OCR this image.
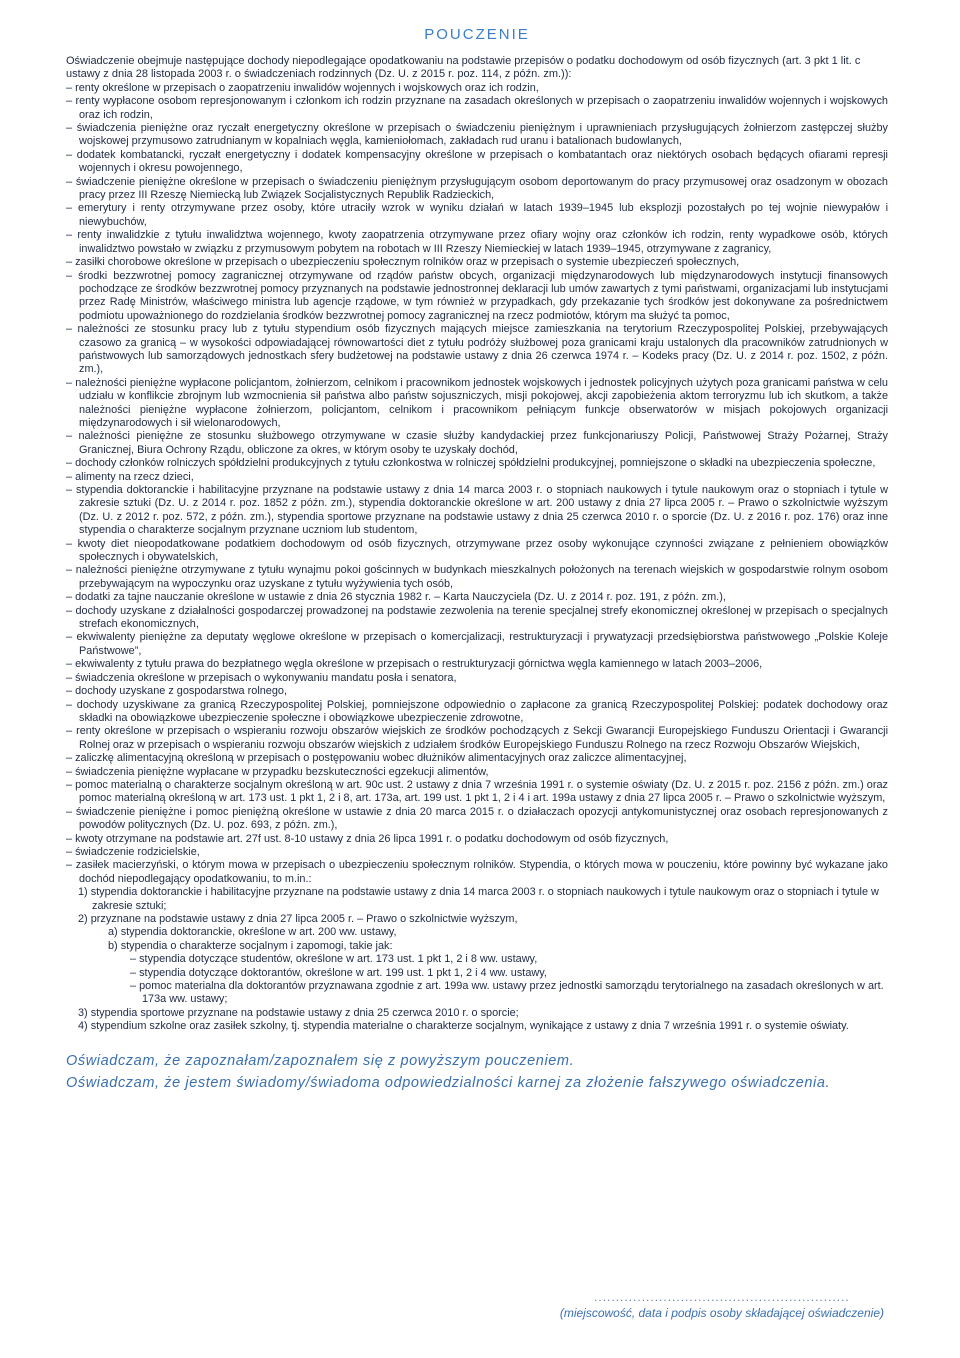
POUCZENIE

Oświadczenie obejmuje następujące dochody niepodlegające opodatkowaniu na podstawie przepisów o podatku dochodowym od osób fizycznych (art. 3 pkt 1 lit. c ustawy z dnia 28 listopada 2003 r. o świadczeniach rodzinnych (Dz. U. z 2015 r. poz. 114, z późn. zm.)):

– renty określone w przepisach o zaopatrzeniu inwalidów wojennych i wojskowych oraz ich rodzin,
– renty wypłacone osobom represjonowanym i członkom ich rodzin przyznane na zasadach określonych w przepisach o zaopatrzeniu inwalidów wojennych i wojskowych oraz ich rodzin,
– świadczenia pieniężne oraz ryczałt energetyczny określone w przepisach o świadczeniu pieniężnym i uprawnieniach przysługujących żołnierzom zastępczej służby wojskowej przymusowo zatrudnianym w kopalniach węgla, kamieniołomach, zakładach rud uranu i batalionach budowlanych,
– dodatek kombatancki, ryczałt energetyczny i dodatek kompensacyjny określone w przepisach o kombatantach oraz niektórych osobach będących ofiarami represji wojennych i okresu powojennego,
– świadczenie pieniężne określone w przepisach o świadczeniu pieniężnym przysługującym osobom deportowanym do pracy przymusowej oraz osadzonym w obozach pracy przez III Rzeszę Niemiecką lub Związek Socjalistycznych Republik Radzieckich,
– emerytury i renty otrzymywane przez osoby, które utraciły wzrok w wyniku działań w latach 1939–1945 lub eksplozji pozostałych po tej wojnie niewypałów i niewybuchów,
– renty inwalidzkie z tytułu inwalidztwa wojennego, kwoty zaopatrzenia otrzymywane przez ofiary wojny oraz członków ich rodzin, renty wypadkowe osób, których inwalidztwo powstało w związku z przymusowym pobytem na robotach w III Rzeszy Niemieckiej w latach 1939–1945, otrzymywane z zagranicy,
– zasiłki chorobowe określone w przepisach o ubezpieczeniu społecznym rolników oraz w przepisach o systemie ubezpieczeń społecznych,
– środki bezzwrotnej pomocy zagranicznej otrzymywane od rządów państw obcych, organizacji międzynarodowych lub międzynarodowych instytucji finansowych pochodzące ze środków bezzwrotnej pomocy przyznanych na podstawie jednostronnej deklaracji lub umów zawartych z tymi państwami, organizacjami lub instytucjami przez Radę Ministrów, właściwego ministra lub agencje rządowe, w tym również w przypadkach, gdy przekazanie tych środków jest dokonywane za pośrednictwem podmiotu upoważnionego do rozdzielania środków bezzwrotnej pomocy zagranicznej na rzecz podmiotów, którym ma służyć ta pomoc,
– należności ze stosunku pracy lub z tytułu stypendium osób fizycznych mających miejsce zamieszkania na terytorium Rzeczypospolitej Polskiej, przebywających czasowo za granicą – w wysokości odpowiadającej równowartości diet z tytułu podróży służbowej poza granicami kraju ustalonych dla pracowników zatrudnionych w państwowych lub samorządowych jednostkach sfery budżetowej na podstawie ustawy z dnia 26 czerwca 1974 r. – Kodeks pracy (Dz. U. z 2014 r. poz. 1502, z późn. zm.),
– należności pieniężne wypłacone policjantom, żołnierzom, celnikom i pracownikom jednostek wojskowych i jednostek policyjnych użytych poza granicami państwa w celu udziału w konflikcie zbrojnym lub wzmocnienia sił państwa albo państw sojuszniczych, misji pokojowej, akcji zapobieżenia aktom terroryzmu lub ich skutkom, a także należności pieniężne wypłacone żołnierzom, policjantom, celnikom i pracownikom pełniącym funkcje obserwatorów w misjach pokojowych organizacji międzynarodowych i sił wielonarodowych,
– należności pieniężne ze stosunku służbowego otrzymywane w czasie służby kandydackiej przez funkcjonariuszy Policji, Państwowej Straży Pożarnej, Straży Granicznej, Biura Ochrony Rządu, obliczone za okres, w którym osoby te uzyskały dochód,
– dochody członków rolniczych spółdzielni produkcyjnych z tytułu członkostwa w rolniczej spółdzielni produkcyjnej, pomniejszone o składki na ubezpieczenia społeczne,
– alimenty na rzecz dzieci,
– stypendia doktoranckie i habilitacyjne przyznane na podstawie ustawy z dnia 14 marca 2003 r. o stopniach naukowych i tytule naukowym oraz o stopniach i tytule w zakresie sztuki (Dz. U. z 2014 r. poz. 1852 z późn. zm.), stypendia doktoranckie określone w art. 200 ustawy z dnia 27 lipca 2005 r. – Prawo o szkolnictwie wyższym (Dz. U. z 2012 r. poz. 572, z późn. zm.), stypendia sportowe przyznane na podstawie ustawy z dnia 25 czerwca 2010 r. o sporcie (Dz. U. z 2016 r. poz. 176) oraz inne stypendia o charakterze socjalnym przyznane uczniom lub studentom,
– kwoty diet nieopodatkowane podatkiem dochodowym od osób fizycznych, otrzymywane przez osoby wykonujące czynności związane z pełnieniem obowiązków społecznych i obywatelskich,
– należności pieniężne otrzymywane z tytułu wynajmu pokoi gościnnych w budynkach mieszkalnych położonych na terenach wiejskich w gospodarstwie rolnym osobom przebywającym na wypoczynku oraz uzyskane z tytułu wyżywienia tych osób,
– dodatki za tajne nauczanie określone w ustawie z dnia 26 stycznia 1982 r. – Karta Nauczyciela (Dz. U. z 2014 r. poz. 191, z późn. zm.),
– dochody uzyskane z działalności gospodarczej prowadzonej na podstawie zezwolenia na terenie specjalnej strefy ekonomicznej określonej w przepisach o specjalnych strefach ekonomicznych,
– ekwiwalenty pieniężne za deputaty węglowe określone w przepisach o komercjalizacji, restrukturyzacji i prywatyzacji przedsiębiorstwa państwowego „Polskie Koleje Państwowe”,
– ekwiwalenty z tytułu prawa do bezpłatnego węgla określone w przepisach o restrukturyzacji górnictwa węgla kamiennego w latach 2003–2006,
– świadczenia określone w przepisach o wykonywaniu mandatu posła i senatora,
– dochody uzyskane z gospodarstwa rolnego,
– dochody uzyskiwane za granicą Rzeczypospolitej Polskiej, pomniejszone odpowiednio o zapłacone za granicą Rzeczypospolitej Polskiej: podatek dochodowy oraz składki na obowiązkowe ubezpieczenie społeczne i obowiązkowe ubezpieczenie zdrowotne,
– renty określone w przepisach o wspieraniu rozwoju obszarów wiejskich ze środków pochodzących z Sekcji Gwarancji Europejskiego Funduszu Orientacji i Gwarancji Rolnej oraz w przepisach o wspieraniu rozwoju obszarów wiejskich z udziałem środków Europejskiego Funduszu Rolnego na rzecz Rozwoju Obszarów Wiejskich,
– zaliczkę alimentacyjną określoną w przepisach o postępowaniu wobec dłużników alimentacyjnych oraz zaliczce alimentacyjnej,
– świadczenia pieniężne wypłacane w przypadku bezskuteczności egzekucji alimentów,
– pomoc materialną o charakterze socjalnym określoną w art. 90c ust. 2 ustawy z dnia 7 września 1991 r. o systemie oświaty (Dz. U. z 2015 r. poz. 2156 z późn. zm.) oraz pomoc materialną określoną w art. 173 ust. 1 pkt 1, 2 i 8, art. 173a, art. 199 ust. 1 pkt 1, 2 i 4 i art. 199a ustawy z dnia 27 lipca 2005 r. – Prawo o szkolnictwie wyższym,
– świadczenie pieniężne i pomoc pieniężną określone w ustawie z dnia 20 marca 2015 r. o działaczach opozycji antykomunistycznej oraz osobach represjonowanych z powodów politycznych (Dz. U. poz. 693, z późn. zm.),
– kwoty otrzymane na podstawie art. 27f ust. 8-10 ustawy z dnia 26 lipca 1991 r. o podatku dochodowym od osób fizycznych,
– świadczenie rodzicielskie,
– zasiłek macierzyński, o którym mowa w przepisach o ubezpieczeniu społecznym rolników. Stypendia, o których mowa w pouczeniu, które powinny być wykazane jako dochód niepodlegający opodatkowaniu, to m.in.:
1) stypendia doktoranckie i habilitacyjne przyznane na podstawie ustawy z dnia 14 marca 2003 r. o stopniach naukowych i tytule naukowym oraz o stopniach i tytule w zakresie sztuki;
2) przyznane na podstawie ustawy z dnia 27 lipca 2005 r. – Prawo o szkolnictwie wyższym,
a) stypendia doktoranckie, określone w art. 200 ww. ustawy,
b) stypendia o charakterze socjalnym i zapomogi, takie jak:
– stypendia dotyczące studentów, określone w art. 173 ust. 1 pkt 1, 2 i 8 ww. ustawy,
– stypendia dotyczące doktorantów, określone w art. 199 ust. 1 pkt 1, 2 i 4 ww. ustawy,
– pomoc materialna dla doktorantów przyznawana zgodnie z art. 199a ww. ustawy przez jednostki samorządu terytorialnego na zasadach określonych w art. 173a ww. ustawy;
3) stypendia sportowe przyznane na podstawie ustawy z dnia 25 czerwca 2010 r. o sporcie;
4) stypendium szkolne oraz zasiłek szkolny, tj. stypendia materialne o charakterze socjalnym, wynikające z ustawy z dnia 7 września 1991 r. o systemie oświaty.

Oświadczam, że zapoznałam/zapoznałem się z powyższym pouczeniem.

Oświadczam, że jestem świadomy/świadoma odpowiedzialności karnej za złożenie fałszywego oświadczenia.

...........................................................
(miejscowość, data i podpis osoby składającej oświadczenie)
